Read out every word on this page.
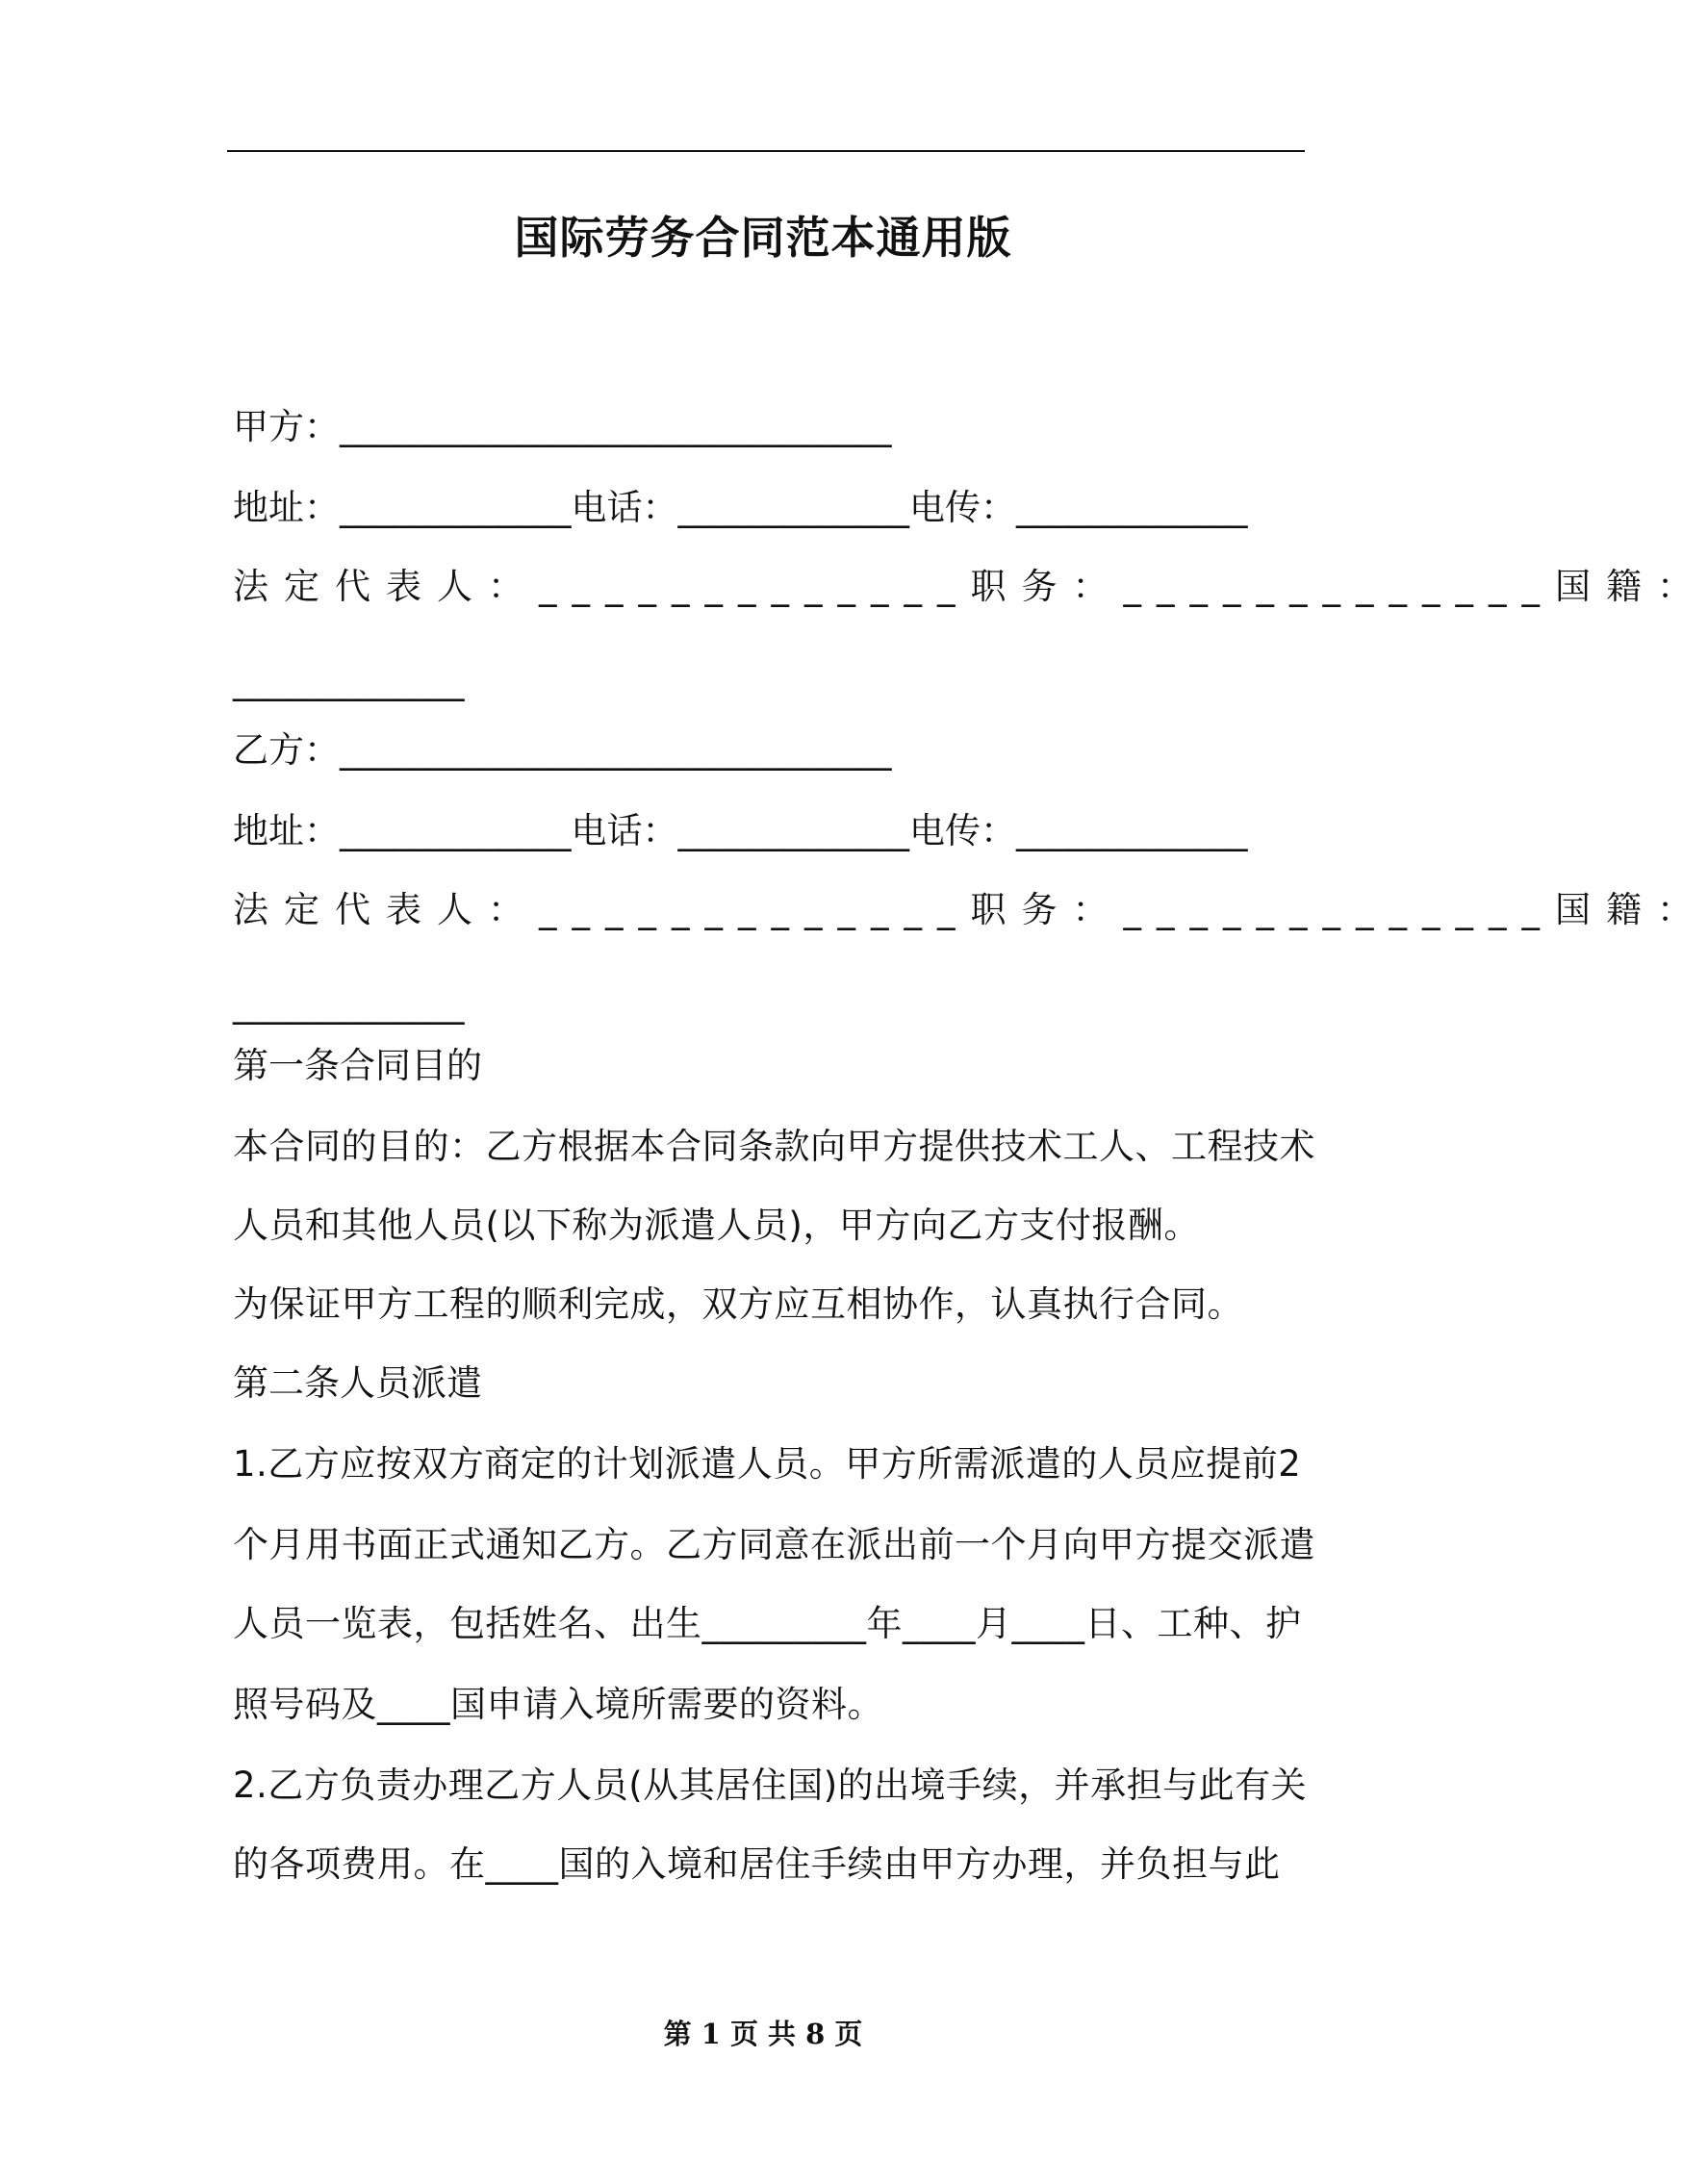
国际劳务合同范本通用版
甲方：_______________________________
地址：_____________电话：_____________电传：_____________
法定代表人：_____________职务：_____________国籍：
_____________
乙方：_______________________________
地址：_____________电话：_____________电传：_____________
法定代表人：_____________职务：_____________国籍：
_____________
第一条合同目的
本合同的目的：乙方根据本合同条款向甲方提供技术工人、工程技术
人员和其他人员(以下称为派遣人员)，甲方向乙方支付报酬。
为保证甲方工程的顺利完成，双方应互相协作，认真执行合同。
第二条人员派遣
1.乙方应按双方商定的计划派遣人员。甲方所需派遣的人员应提前2
个月用书面正式通知乙方。乙方同意在派出前一个月向甲方提交派遣
人员一览表，包括姓名、出生_________年____月____日、工种、护
照号码及____国申请入境所需要的资料。
2.乙方负责办理乙方人员(从其居住国)的出境手续，并承担与此有关
的各项费用。在____国的入境和居住手续由甲方办理，并负担与此
第 1 页 共 8 页
